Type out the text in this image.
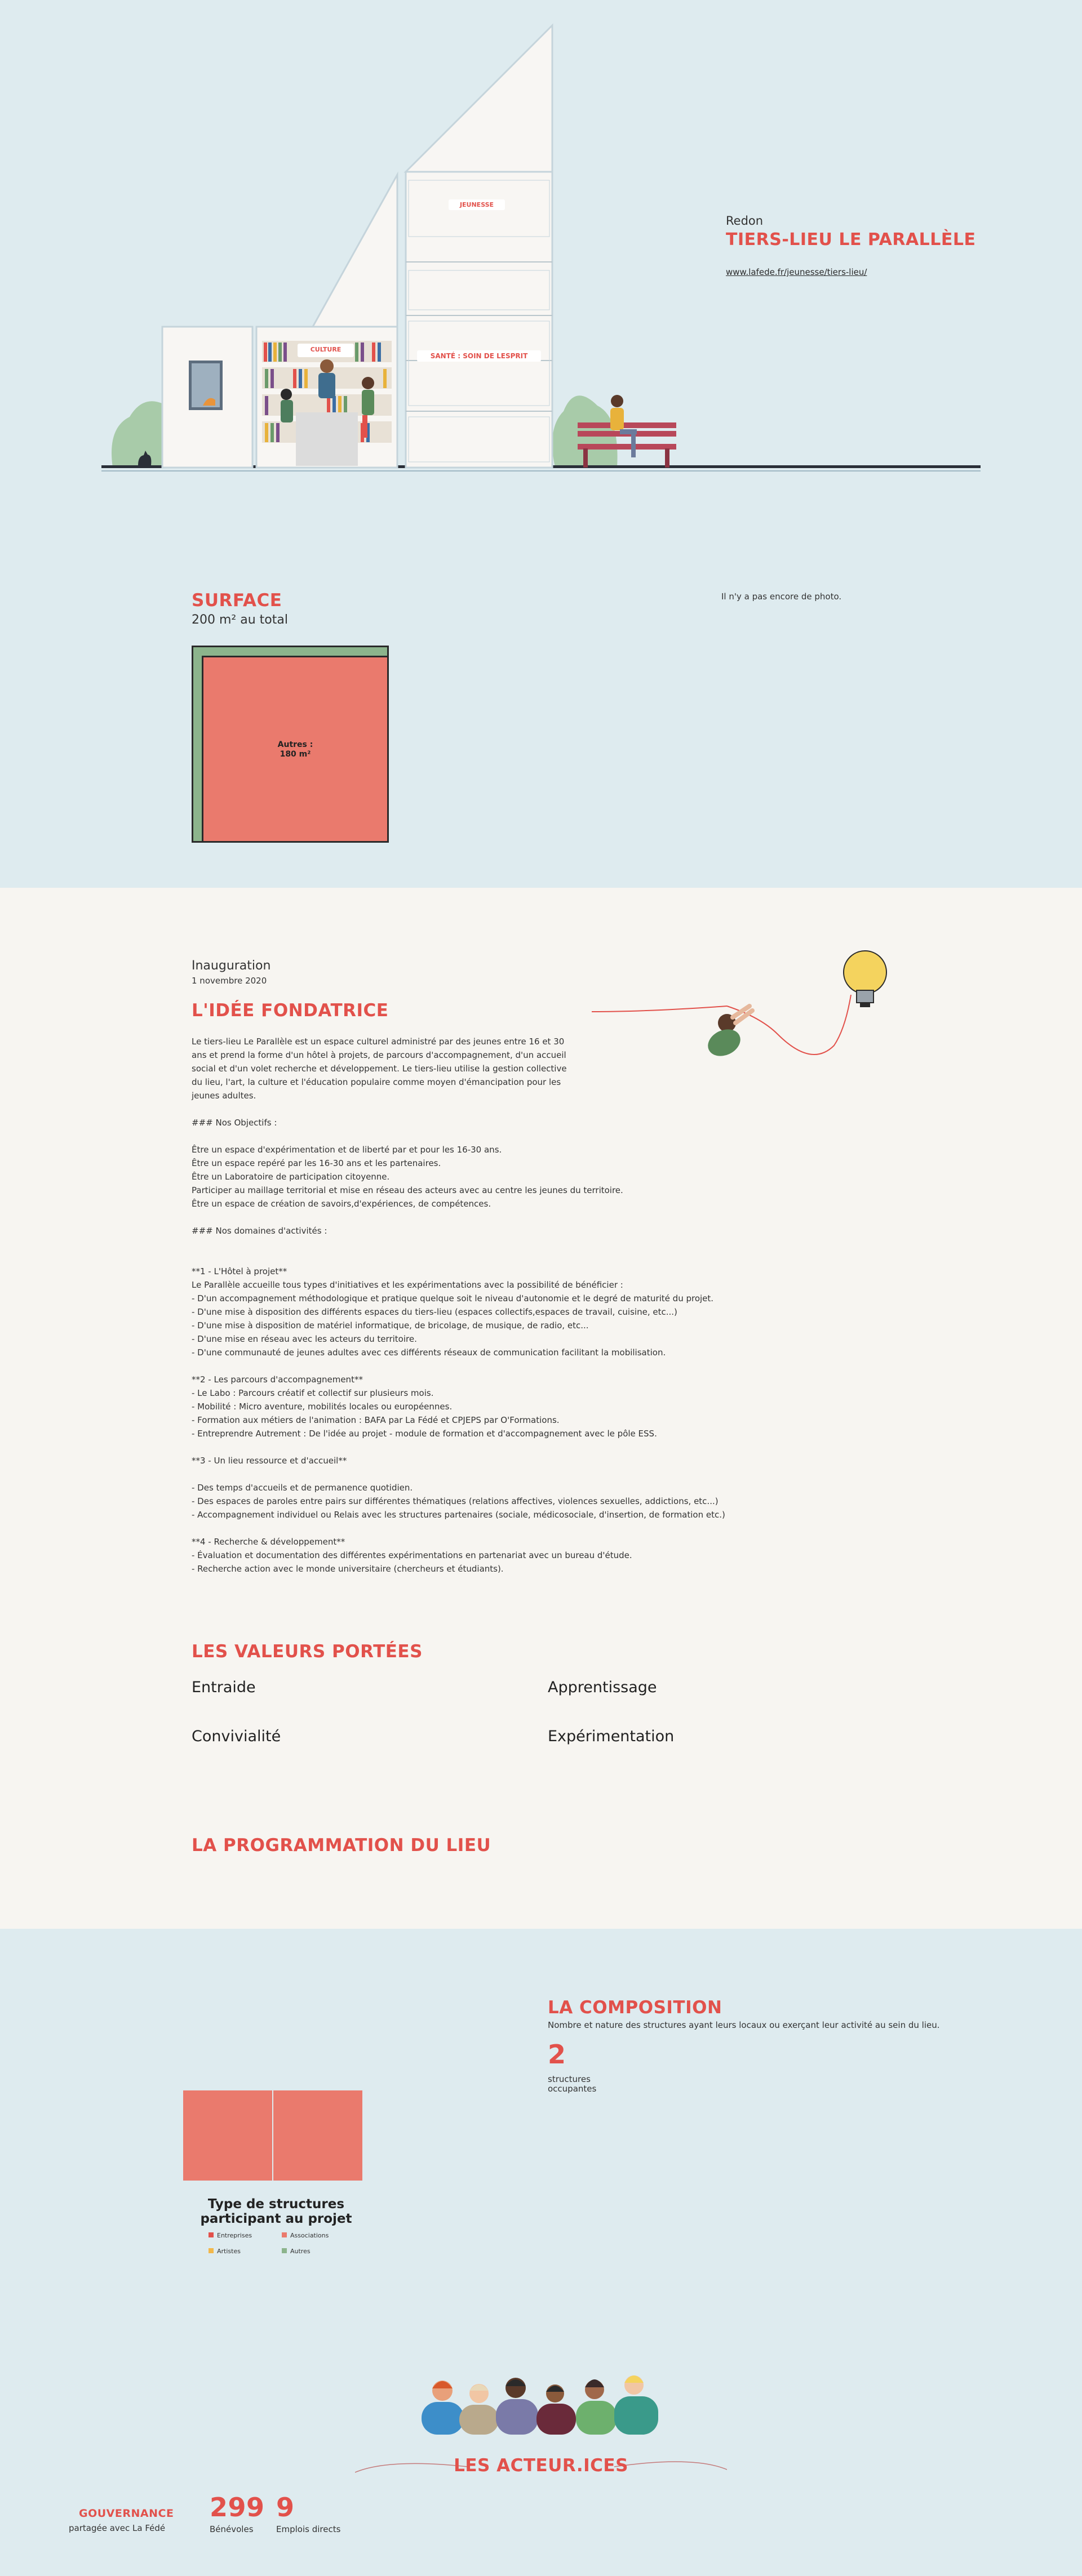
JEUNESSE
CULTURE
SANTÉ : SOIN DE LESPRIT
Redon
TIERS-LIEU LE PARALLÈLE
www.lafede.fr/jeunesse/tiers-lieu/
SURFACE
200 m² au total
Autres :
180 m²
Il n'y a pas encore de photo.
Inauguration
1 novembre 2020
L'IDÉE FONDATRICE
Le tiers-lieu Le Parallèle est un espace culturel administré par des jeunes entre 16 et 30
ans et prend la forme d'un hôtel à projets, de parcours d'accompagnement, d'un accueil
social et d'un volet recherche et développement. Le tiers-lieu utilise la gestion collective
du lieu, l'art, la culture et l'éducation populaire comme moyen d'émancipation pour les
jeunes adultes.

### Nos Objectifs :

Être un espace d'expérimentation et de liberté par et pour les 16-30 ans.
Être un espace repéré par les 16-30 ans et les partenaires.
Être un Laboratoire de participation citoyenne.
Participer au maillage territorial et mise en réseau des acteurs avec au centre les jeunes du territoire.
Être un espace de création de savoirs,d'expériences, de compétences.

### Nos domaines d'activités :

**1 - L'Hôtel à projet**
Le Parallèle accueille tous types d'initiatives et les expérimentations avec la possibilité de bénéficier :
- D'un accompagnement méthodologique et pratique quelque soit le niveau d'autonomie et le degré de maturité du projet.
- D'une mise à disposition des différents espaces du tiers-lieu (espaces collectifs,espaces de travail, cuisine, etc...)
- D'une mise à disposition de matériel informatique, de bricolage, de musique, de radio, etc...
- D'une mise en réseau avec les acteurs du territoire.
- D'une communauté de jeunes adultes avec ces différents réseaux de communication facilitant la mobilisation.

**2 - Les parcours d'accompagnement**
- Le Labo : Parcours créatif et collectif sur plusieurs mois.
- Mobilité : Micro aventure, mobilités locales ou européennes.
- Formation aux métiers de l'animation : BAFA par La Fédé et CPJEPS par O'Formations.
- Entreprendre Autrement : De l'idée au projet - module de formation et d'accompagnement avec le pôle ESS.

**3 - Un lieu ressource et d'accueil**

- Des temps d'accueils et de permanence quotidien.
- Des espaces de paroles entre pairs sur différentes thématiques (relations affectives, violences sexuelles, addictions, etc...)
- Accompagnement individuel ou Relais avec les structures partenaires (sociale, médicosociale, d'insertion, de formation etc.)

**4 - Recherche & développement**
- Évaluation et documentation des différentes expérimentations en partenariat avec un bureau d'étude.
- Recherche action avec le monde universitaire (chercheurs et étudiants).
LES VALEURS PORTÉES
Entraide	Apprentissage
Convivialité	Expérimentation
LA PROGRAMMATION DU LIEU
LA COMPOSITION
Nombre et nature des structures ayant leurs locaux ou exerçant leur activité au sein du lieu.
2
structures
occupantes
Type de structures
participant au projet
Entreprises	Associations
Artistes	Autres
LES ACTEUR.ICES
GOUVERNANCE
partagée avec La Fédé
299
Bénévoles
9
Emplois directs
